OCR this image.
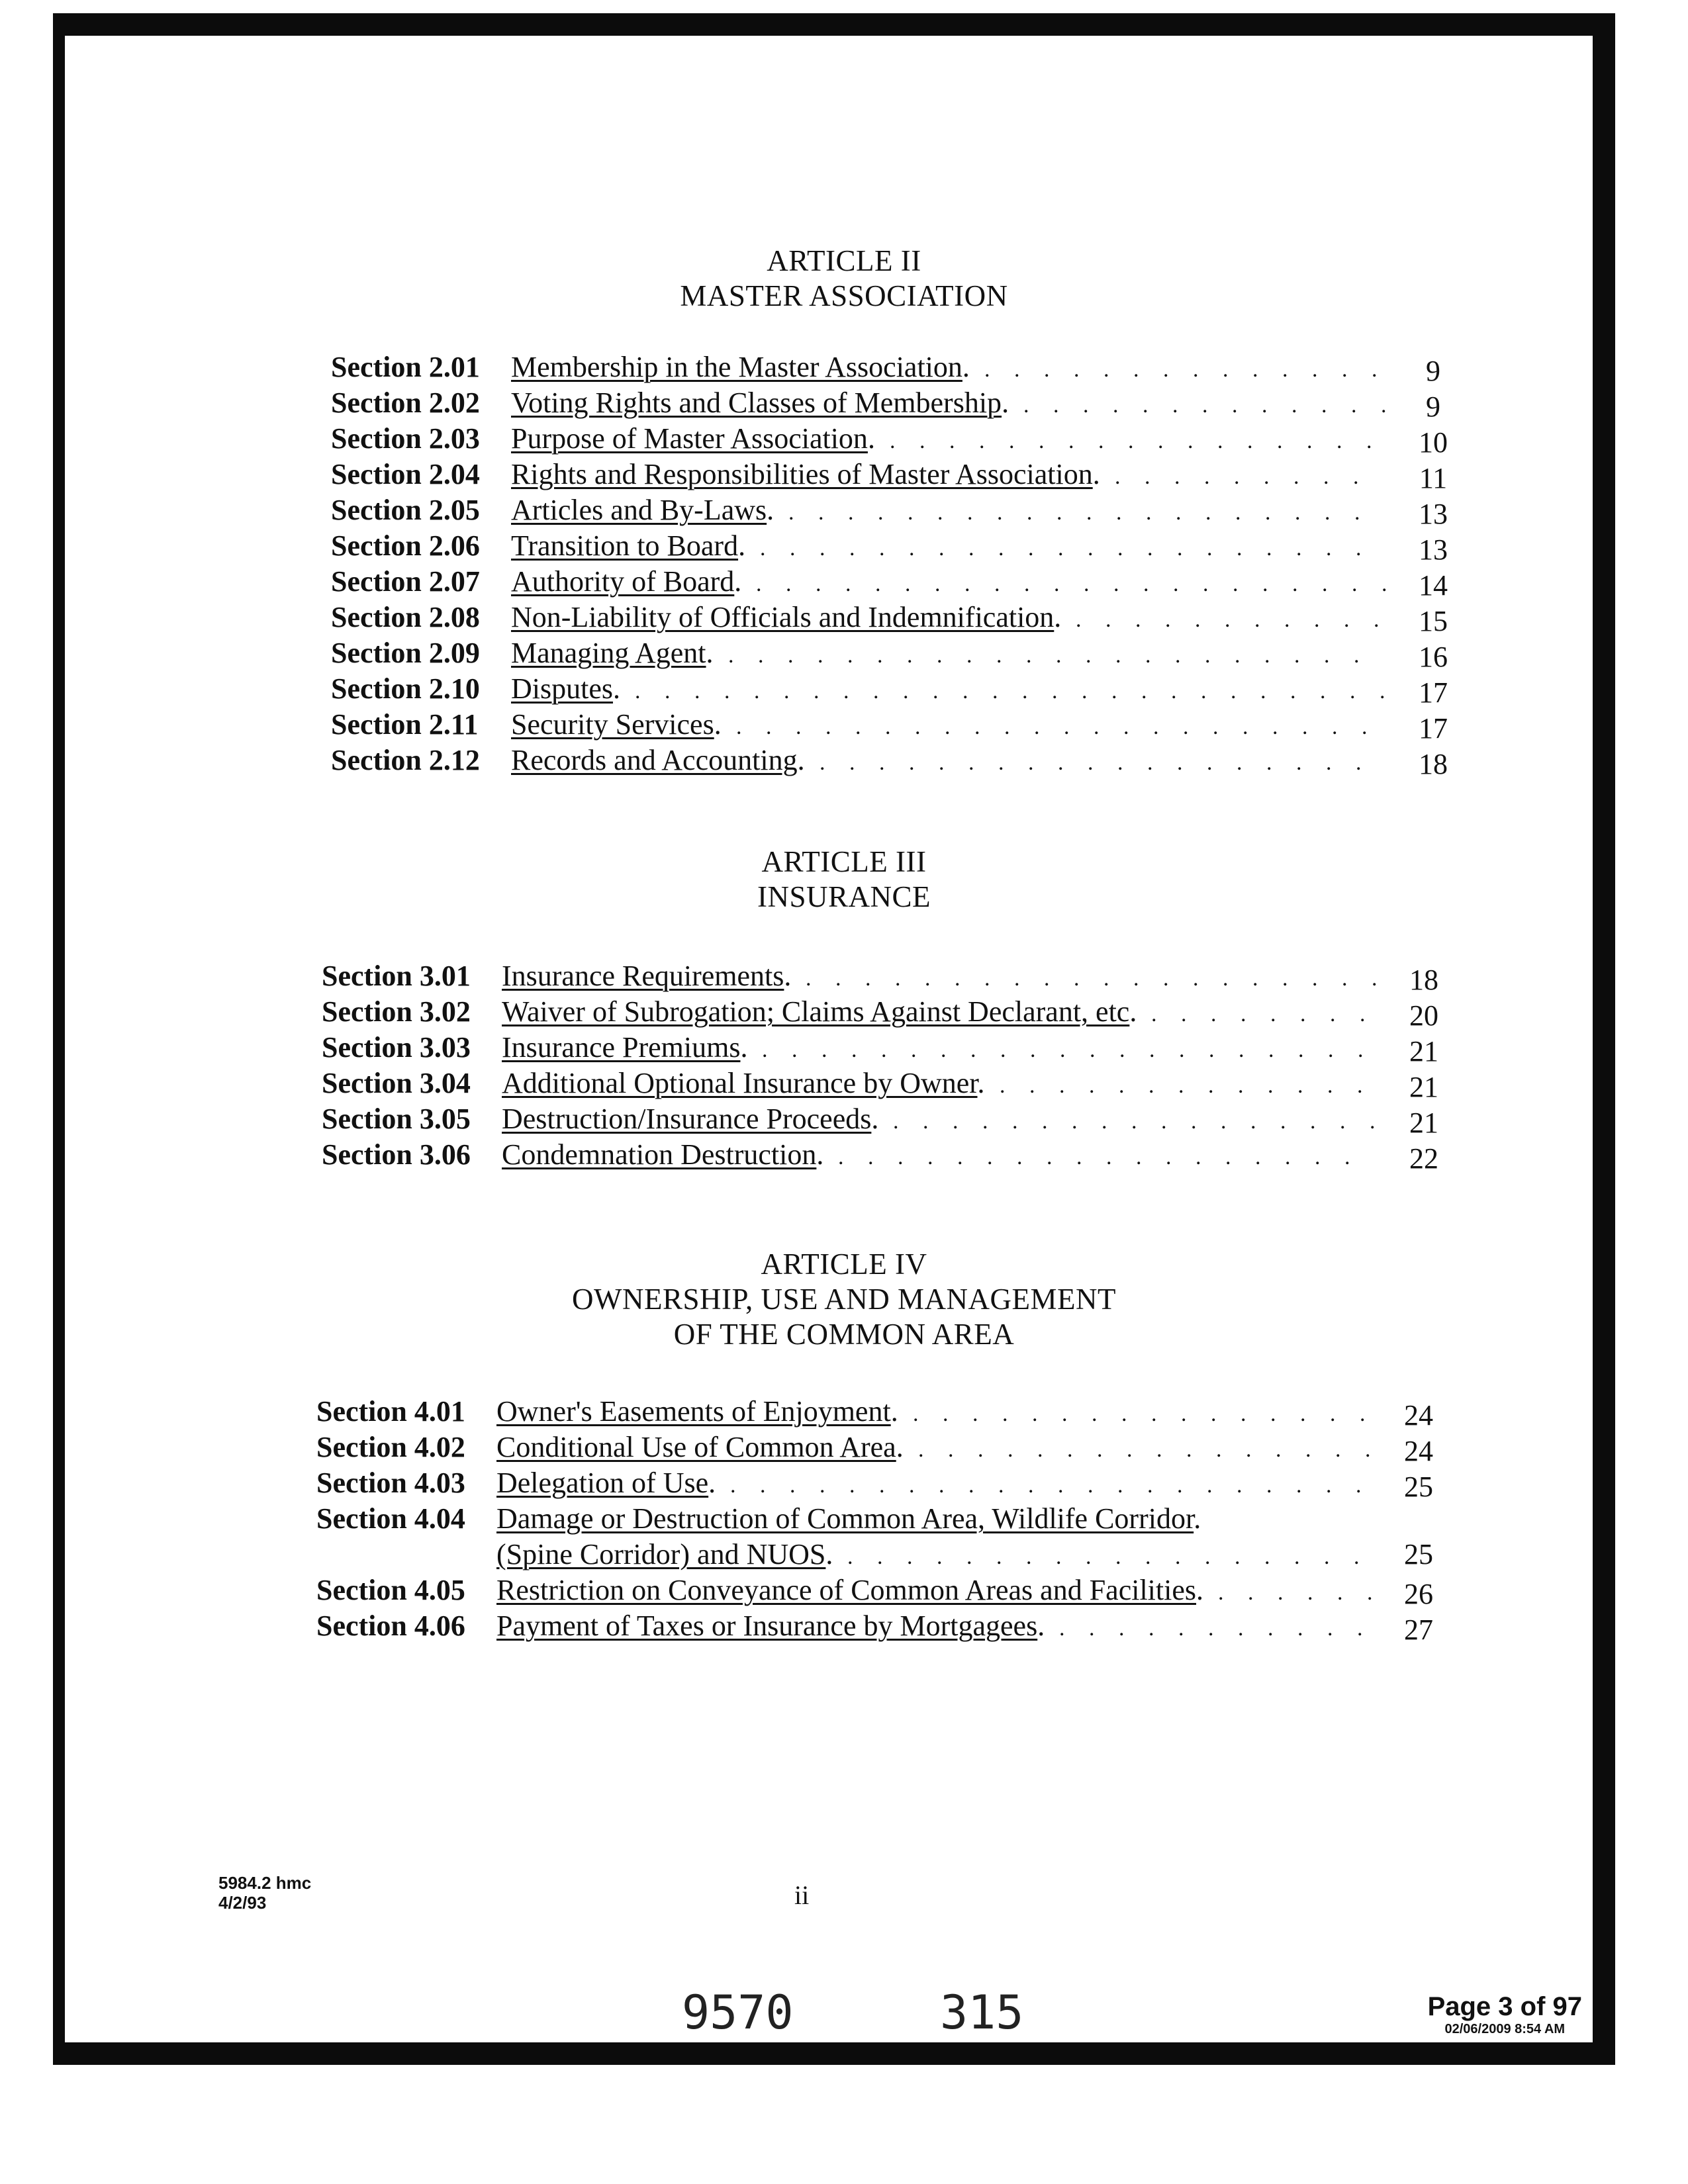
ARTICLE II
MASTER ASSOCIATION
Section 2.01 Membership in the Master Association. . . . . . . . . . . . . . .	9
Section 2.02 Voting Rights and Classes of Membership. . . . . . . . . . . . . .	9
Section 2.03 Purpose of Master Association. . . . . . . . . . . . . . . . . .	10
Section 2.04 Rights and Responsibilities of Master Association. . . . . . . . . .	11
Section 2.05 Articles and By-Laws. . . . . . . . . . . . . . . . . . . . .	13
Section 2.06 Transition to Board. . . . . . . . . . . . . . . . . . . . . .	13
Section 2.07 Authority of Board. . . . . . . . . . . . . . . . . . . . . . . 14
Section 2.08 Non-Liability of Officials and Indemnification. . . . . . . . . . . . 15
Section 2.09 Managing Agent. . . . . . . . . . . . . . . . . . . . . . .	16
Section 2.10 Disputes. . . . . . . . . . . . . . . . . . . . . . . . . . . 17
Section 2.11 Security Services. . . . . . . . . . . . . . . . . . . . . . .	17
Section 2.12 Records and Accounting. . . . . . . . . . . . . . . . . . . .	18
ARTICLE III
INSURANCE
Section 3.01 Insurance Requirements. . . . . . . . . . . . . . . . . . . . . 18
Section 3.02 Waiver of Subrogation; Claims Against Declarant, etc. . . . . . . . .	20
Section 3.03 Insurance Premiums. . . . . . . . . . . . . . . . . . . . . .	21
Section 3.04 Additional Optional Insurance by Owner. . . . . . . . . . . . . .	21
Section 3.05 Destruction/Insurance Proceeds. . . . . . . . . . . . . . . . . . 21
Section 3.06 Condemnation Destruction. . . . . . . . . . . . . . . . . . .	22
ARTICLE IV
OWNERSHIP, USE AND MANAGEMENT
OF THE COMMON AREA
Section 4.01 Owner's Easements of Enjoyment. . . . . . . . . . . . . . . . . 24
Section 4.02 Conditional Use of Common Area. . . . . . . . . . . . . . . . . 24
Section 4.03 Delegation of Use. . . . . . . . . . . . . . . . . . . . . . .	25
Section 4.04 Damage or Destruction of Common Area, Wildlife Corridor.
(Spine Corridor) and NUOS. . . . . . . . . . . . . . . . . . .	25
Section 4.05 Restriction on Conveyance of Common Areas and Facilities. . . . . . . 26
Section 4.06 Payment of Taxes or Insurance by Mortgagees. . . . . . . . . . . .	27
5984.2 hmc
4/2/93	ii
9570	315	Page 3 of 97
02/06/2009 8:54 AM
